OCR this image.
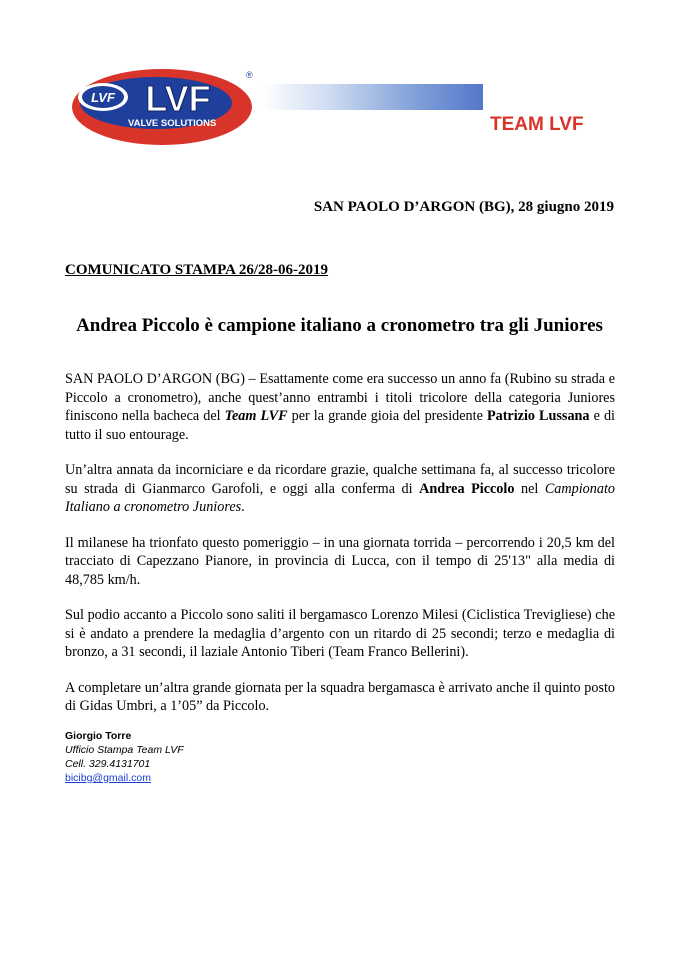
LVF LVF
VALVE SOLUTIONS
®
TEAM LVF
SAN PAOLO D’ARGON (BG), 28 giugno 2019
COMUNICATO STAMPA 26/28-06-2019
Andrea Piccolo è campione italiano a cronometro tra gli Juniores

SAN PAOLO D’ARGON (BG) – Esattamente come era successo un anno fa (Rubino su strada e Piccolo a cronometro), anche quest’anno entrambi i titoli tricolore della categoria Juniores finiscono nella bacheca del Team LVF per la grande gioia del presidente Patrizio Lussana e di tutto il suo entourage.

Un’altra annata da incorniciare e da ricordare grazie, qualche settimana fa, al successo tricolore su strada di Gianmarco Garofoli, e oggi alla conferma di Andrea Piccolo nel Campionato Italiano a cronometro Juniores.

Il milanese ha trionfato questo pomeriggio – in una giornata torrida – percorrendo i 20,5 km del tracciato di Capezzano Pianore, in provincia di Lucca, con il tempo di 25'13" alla media di 48,785 km/h.

Sul podio accanto a Piccolo sono saliti il bergamasco Lorenzo Milesi (Ciclistica Trevigliese) che si è andato a prendere la medaglia d’argento con un ritardo di 25 secondi; terzo e medaglia di bronzo, a 31 secondi, il laziale Antonio Tiberi (Team Franco Bellerini).

A completare un’altra grande giornata per la squadra bergamasca è arrivato anche il quinto posto di Gidas Umbri, a 1’05” da Piccolo.

Giorgio Torre
Ufficio Stampa Team LVF
Cell. 329.4131701
bicibg@gmail.com
